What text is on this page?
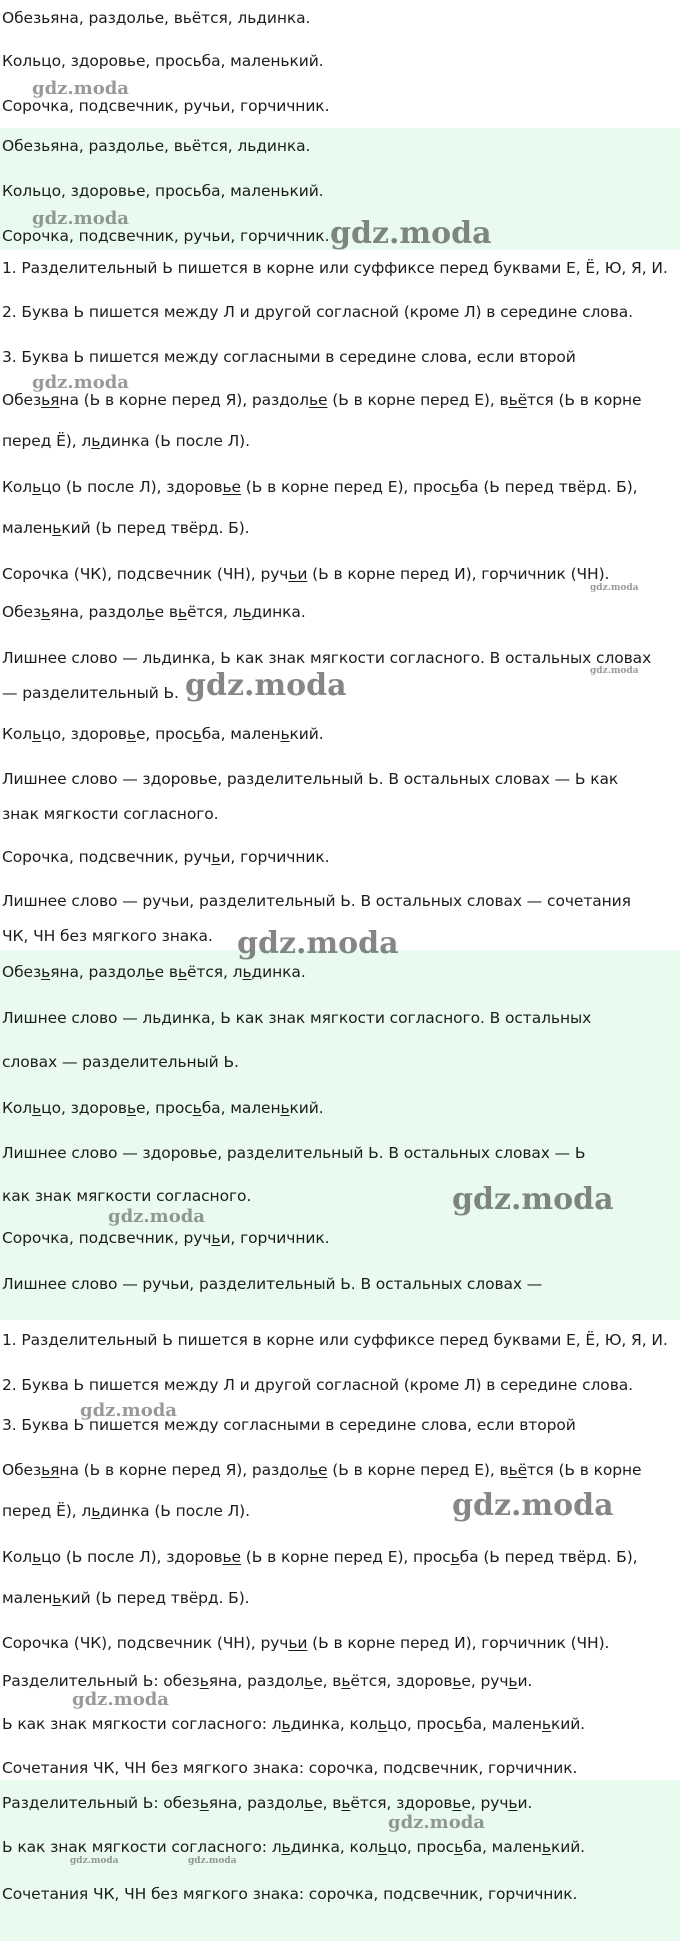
Обезьяна, раздолье, вьётся, льдинка.
Кольцо, здоровье, просьба, маленький.
Сорочка, подсвечник, ручьи, горчичник.
Обезьяна, раздолье, вьётся, льдинка.
Кольцо, здоровье, просьба, маленький.
Сорочка, подсвечник, ручьи, горчичник.
1. Разделительный Ь пишется в корне или суффиксе перед буквами Е, Ё, Ю, Я, И.
2. Буква Ь пишется между Л и другой согласной (кроме Л) в середине слова.
3. Буква Ь пишется между согласными в середине слова, если второй
Обезьяна (Ь в корне перед Я), раздолье (Ь в корне перед Е), вьётся (Ь в корне
перед Ё), льдинка (Ь после Л).
Кольцо (Ь после Л), здоровье (Ь в корне перед Е), просьба (Ь перед твёрд. Б),
маленький (Ь перед твёрд. Б).
Сорочка (ЧК), подсвечник (ЧН), ручьи (Ь в корне перед И), горчичник (ЧН).
Обезьяна, раздолье вьётся, льдинка.
Лишнее слово — льдинка, Ь как знак мягкости согласного. В остальных словах
— разделительный Ь.
Кольцо, здоровье, просьба, маленький.
Лишнее слово — здоровье, разделительный Ь. В остальных словах — Ь как
знак мягкости согласного.
Сорочка, подсвечник, ручьи, горчичник.
Лишнее слово — ручьи, разделительный Ь. В остальных словах — сочетания
ЧК, ЧН без мягкого знака.
Обезьяна, раздолье вьётся, льдинка.
Лишнее слово — льдинка, Ь как знак мягкости согласного. В остальных
словах — разделительный Ь.
Кольцо, здоровье, просьба, маленький.
Лишнее слово — здоровье, разделительный Ь. В остальных словах — Ь
как знак мягкости согласного.
Сорочка, подсвечник, ручьи, горчичник.
Лишнее слово — ручьи, разделительный Ь. В остальных словах —
1. Разделительный Ь пишется в корне или суффиксе перед буквами Е, Ё, Ю, Я, И.
2. Буква Ь пишется между Л и другой согласной (кроме Л) в середине слова.
3. Буква Ь пишется между согласными в середине слова, если второй
Обезьяна (Ь в корне перед Я), раздолье (Ь в корне перед Е), вьётся (Ь в корне
перед Ё), льдинка (Ь после Л).
Кольцо (Ь после Л), здоровье (Ь в корне перед Е), просьба (Ь перед твёрд. Б),
маленький (Ь перед твёрд. Б).
Сорочка (ЧК), подсвечник (ЧН), ручьи (Ь в корне перед И), горчичник (ЧН).
Разделительный Ь: обезьяна, раздолье, вьётся, здоровье, ручьи.
Ь как знак мягкости согласного: льдинка, кольцо, просьба, маленький.
Сочетания ЧК, ЧН без мягкого знака: сорочка, подсвечник, горчичник.
Разделительный Ь: обезьяна, раздолье, вьётся, здоровье, ручьи.
Ь как знак мягкости согласного: льдинка, кольцо, просьба, маленький.
Сочетания ЧК, ЧН без мягкого знака: сорочка, подсвечник, горчичник.
gdz.moda
gdz.moda	gdz.moda
gdz.moda
gdz.moda
gdz.moda	gdz.moda
gdz.moda
gdz.moda
gdz.moda
gdz.moda
gdz.moda
gdz.moda
gdz.moda
gdz.moda	gdz.moda
